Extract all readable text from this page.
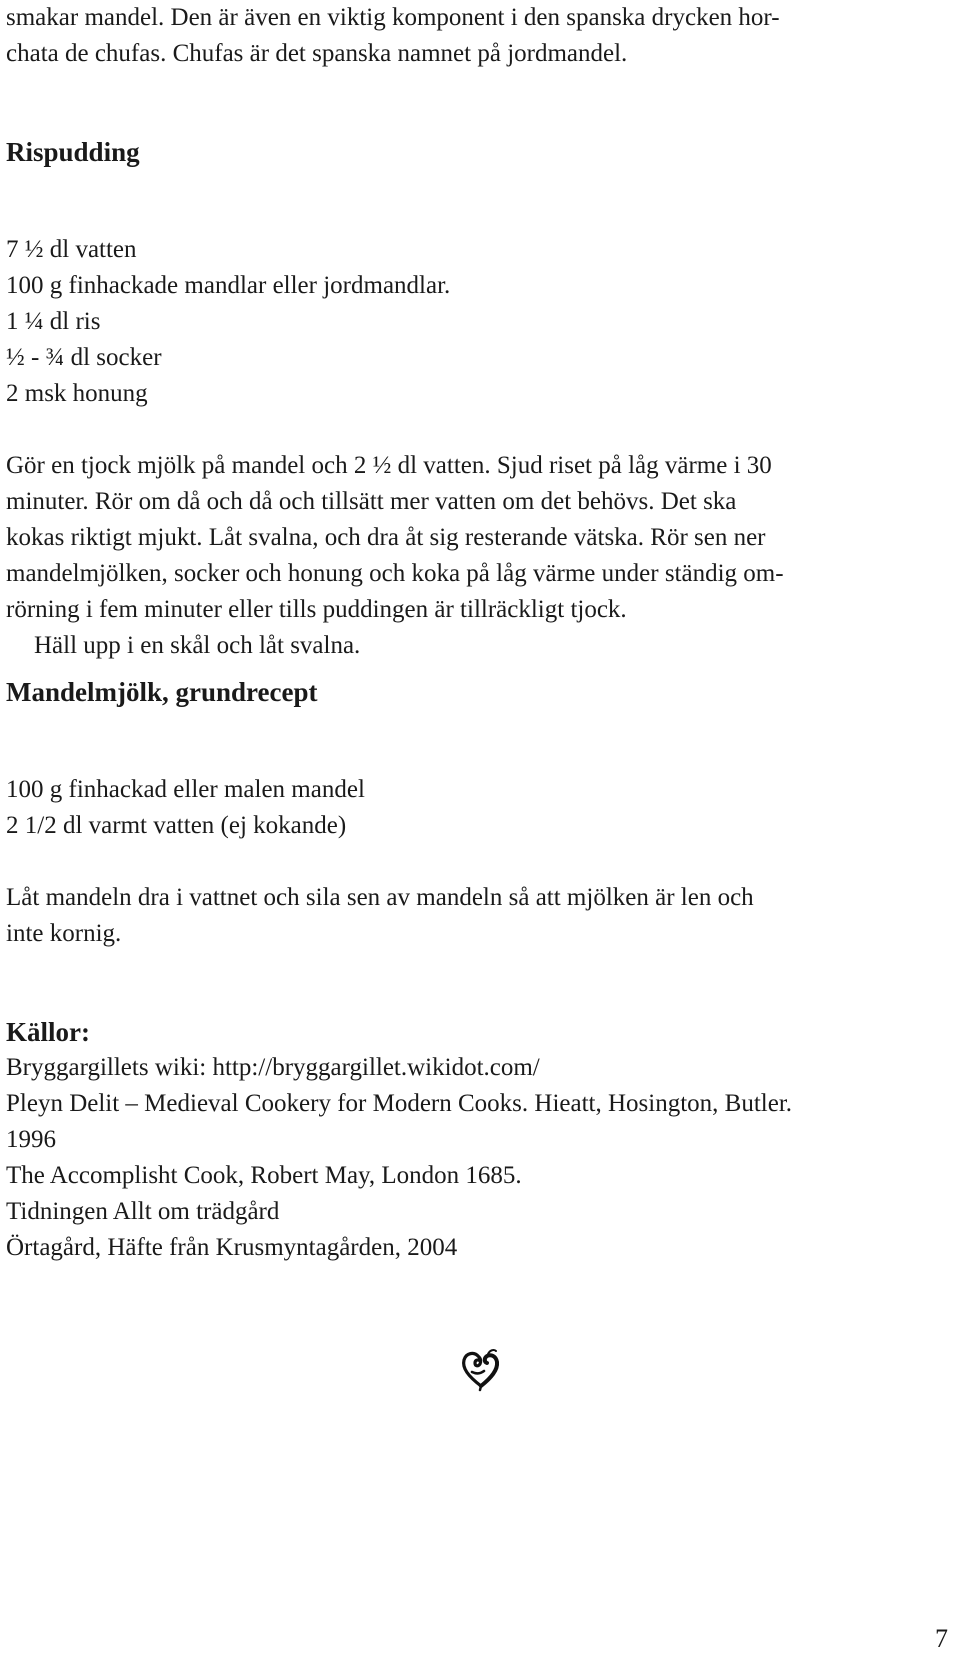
smakar mandel. Den är även en viktig komponent i den spanska drycken hor-
chata de chufas. Chufas är det spanska namnet på jordmandel.
Rispudding
7 ½ dl vatten
100 g finhackade mandlar eller jordmandlar.
1 ¼ dl ris
½ - ¾ dl socker
2 msk honung
Gör en tjock mjölk på mandel och 2 ½ dl vatten. Sjud riset på låg värme i 30
minuter. Rör om då och då och tillsätt mer vatten om det behövs. Det ska
kokas riktigt mjukt. Låt svalna, och dra åt sig resterande vätska. Rör sen ner
mandelmjölken, socker och honung och koka på låg värme under ständig om-
rörning i fem minuter eller tills puddingen är tillräckligt tjock.
Häll upp i en skål och låt svalna.
Mandelmjölk, grundrecept
100 g finhackad eller malen mandel
2 1/2 dl varmt vatten (ej kokande)
Låt mandeln dra i vattnet och sila sen av mandeln så att mjölken är len och
inte kornig.
Källor:
Bryggargillets wiki: http://bryggargillet.wikidot.com/
Pleyn Delit – Medieval Cookery for Modern Cooks. Hieatt, Hosington, Butler.
1996
The Accomplisht Cook, Robert May, London 1685.
Tidningen Allt om trädgård
Örtagård, Häfte från Krusmyntagården, 2004
7
